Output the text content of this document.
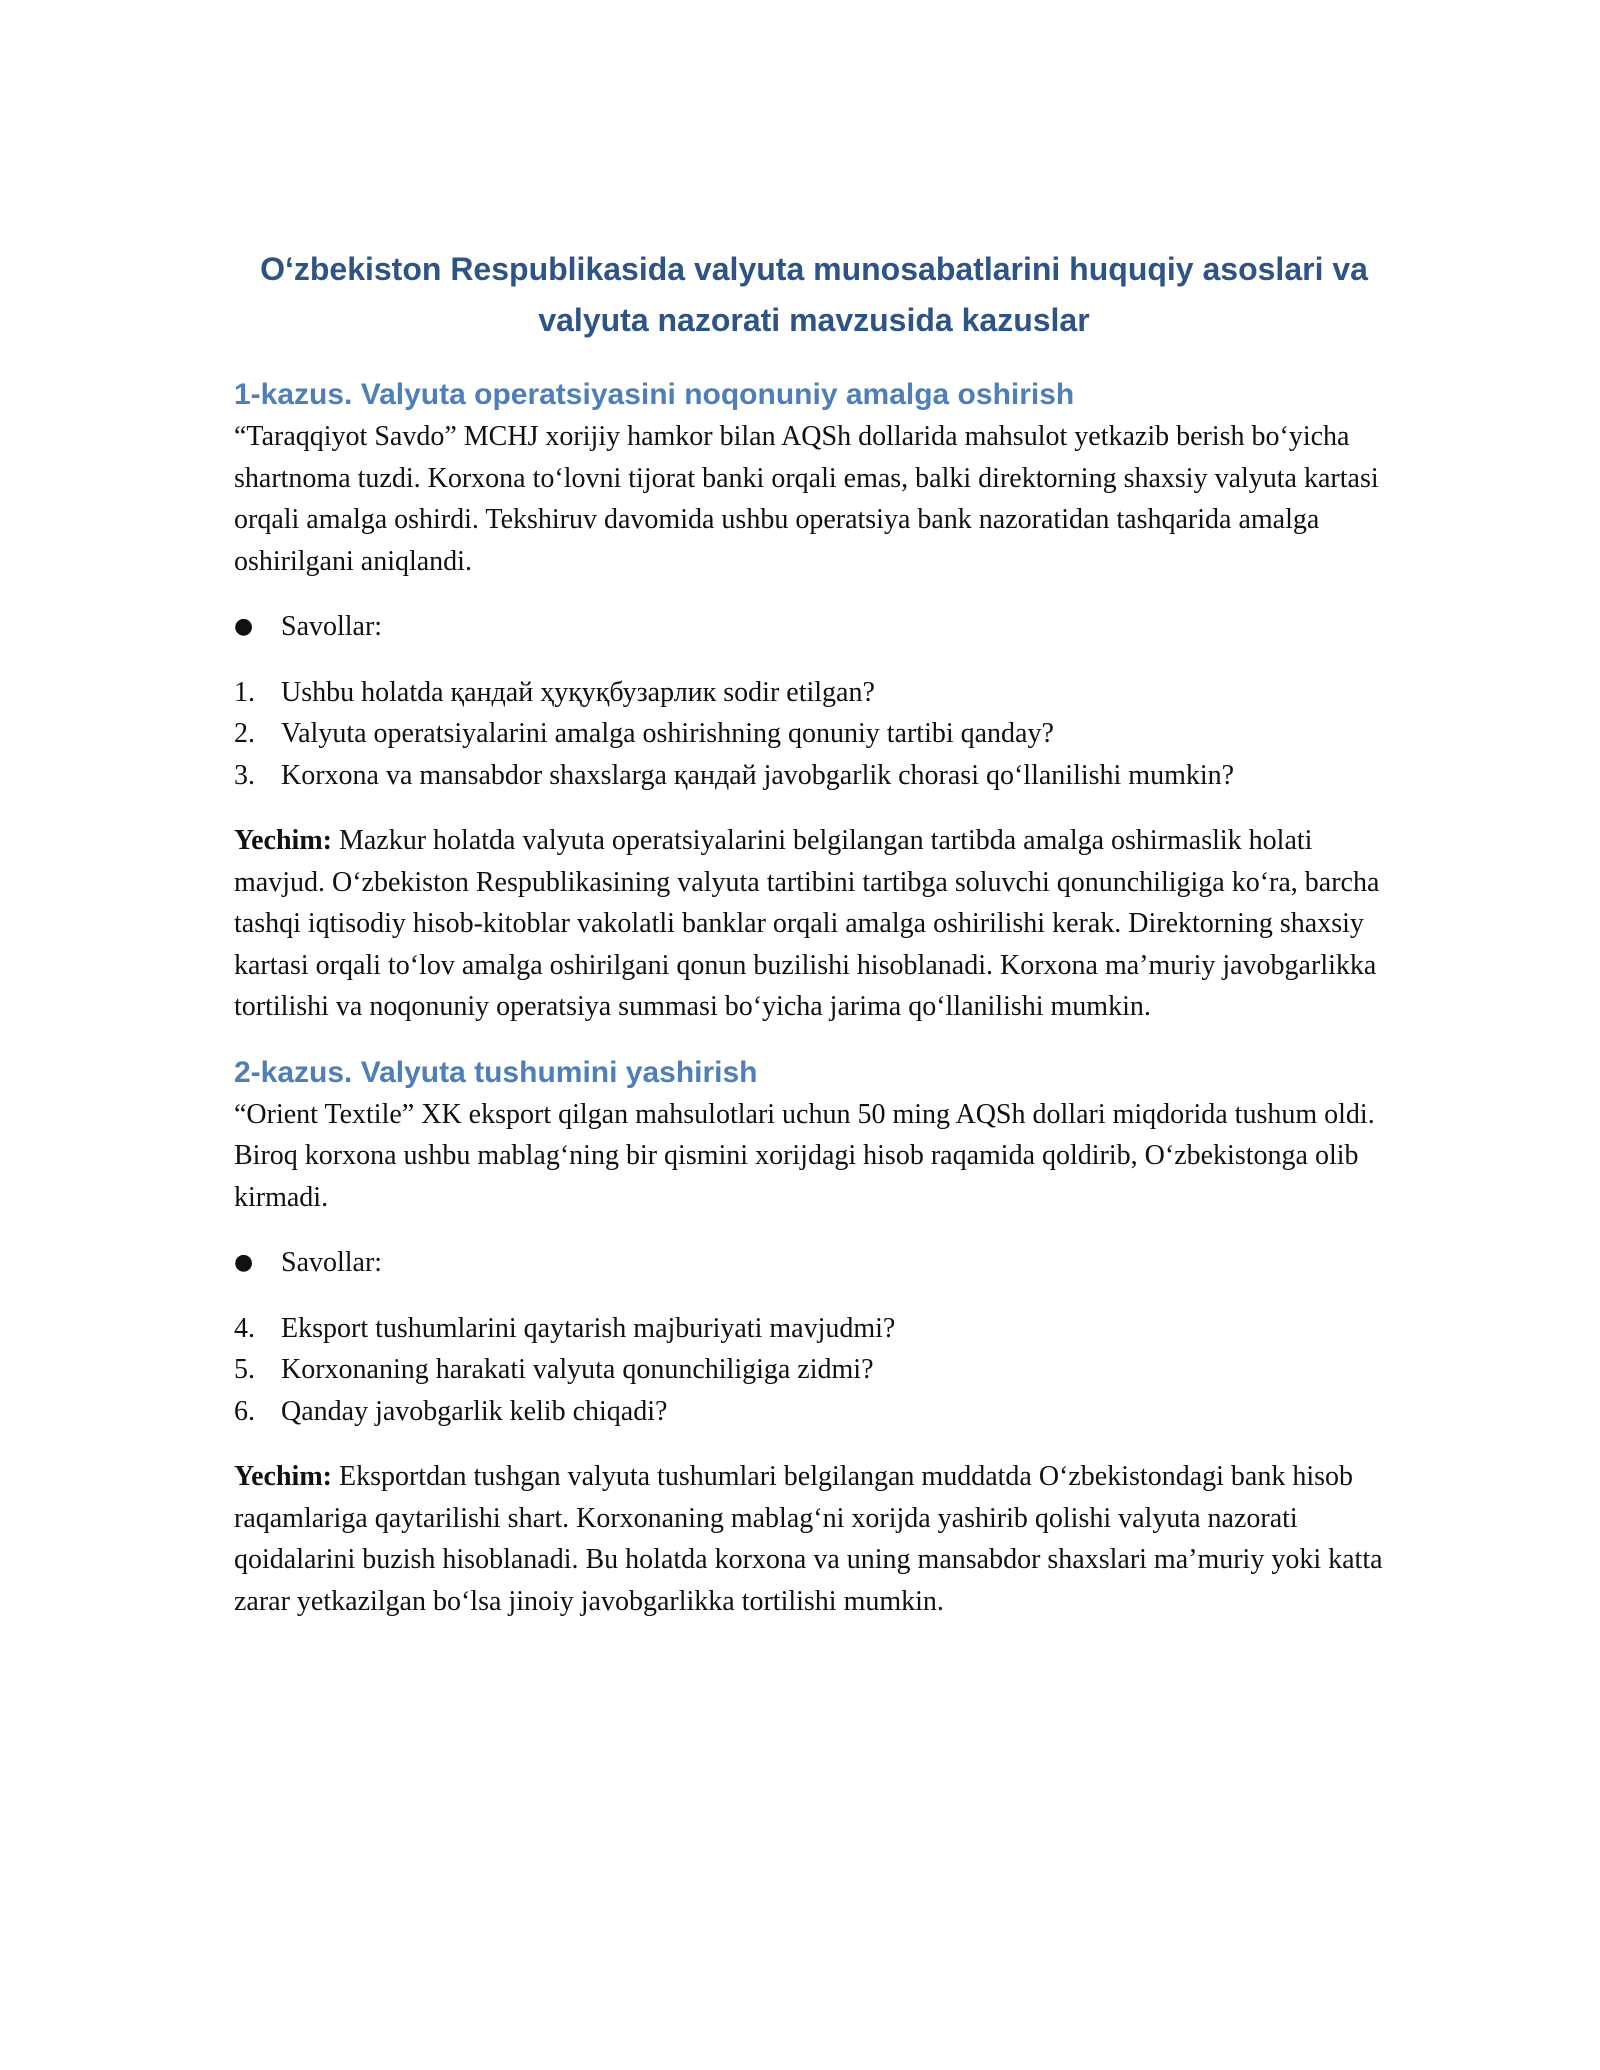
O‘zbekiston Respublikasida valyuta munosabatlarini huquqiy asoslari va valyuta nazorati mavzusida kazuslar
1-kazus. Valyuta operatsiyasini noqonuniy amalga oshirish

“Taraqqiyot Savdo” MCHJ xorijiy hamkor bilan AQSh dollarida mahsulot yetkazib berish bo‘yicha shartnoma tuzdi. Korxona to‘lovni tijorat banki orqali emas, balki direktorning shaxsiy valyuta kartasi orqali amalga oshirdi. Tekshiruv davomida ushbu operatsiya bank nazoratidan tashqarida amalga oshirilgani aniqlandi.

● Savollar:
1. Ushbu holatda қандай ҳуқуқбузарлик sodir etilgan?
2. Valyuta operatsiyalarini amalga oshirishning qonuniy tartibi qanday?
3. Korxona va mansabdor shaxslarga қандай javobgarlik chorasi qo‘llanilishi mumkin?

Yechim: Mazkur holatda valyuta operatsiyalarini belgilangan tartibda amalga oshirmaslik holati mavjud. O‘zbekiston Respublikasining valyuta tartibini tartibga soluvchi qonunchiligiga ko‘ra, barcha tashqi iqtisodiy hisob-kitoblar vakolatli banklar orqali amalga oshirilishi kerak. Direktorning shaxsiy kartasi orqali to‘lov amalga oshirilgani qonun buzilishi hisoblanadi. Korxona ma’muriy javobgarlikka tortilishi va noqonuniy operatsiya summasi bo‘yicha jarima qo‘llanilishi mumkin.

2-kazus. Valyuta tushumini yashirish

“Orient Textile” XK eksport qilgan mahsulotlari uchun 50 ming AQSh dollari miqdorida tushum oldi. Biroq korxona ushbu mablag‘ning bir qismini xorijdagi hisob raqamida qoldirib, O‘zbekistonga olib kirmadi.

● Savollar:
4. Eksport tushumlarini qaytarish majburiyati mavjudmi?
5. Korxonaning harakati valyuta qonunchiligiga zidmi?
6. Qanday javobgarlik kelib chiqadi?

Yechim: Eksportdan tushgan valyuta tushumlari belgilangan muddatda O‘zbekistondagi bank hisob raqamlariga qaytarilishi shart. Korxonaning mablag‘ni xorijda yashirib qolishi valyuta nazorati qoidalarini buzish hisoblanadi. Bu holatda korxona va uning mansabdor shaxslari ma’muriy yoki katta zarar yetkazilgan bo‘lsa jinoiy javobgarlikka tortilishi mumkin.
